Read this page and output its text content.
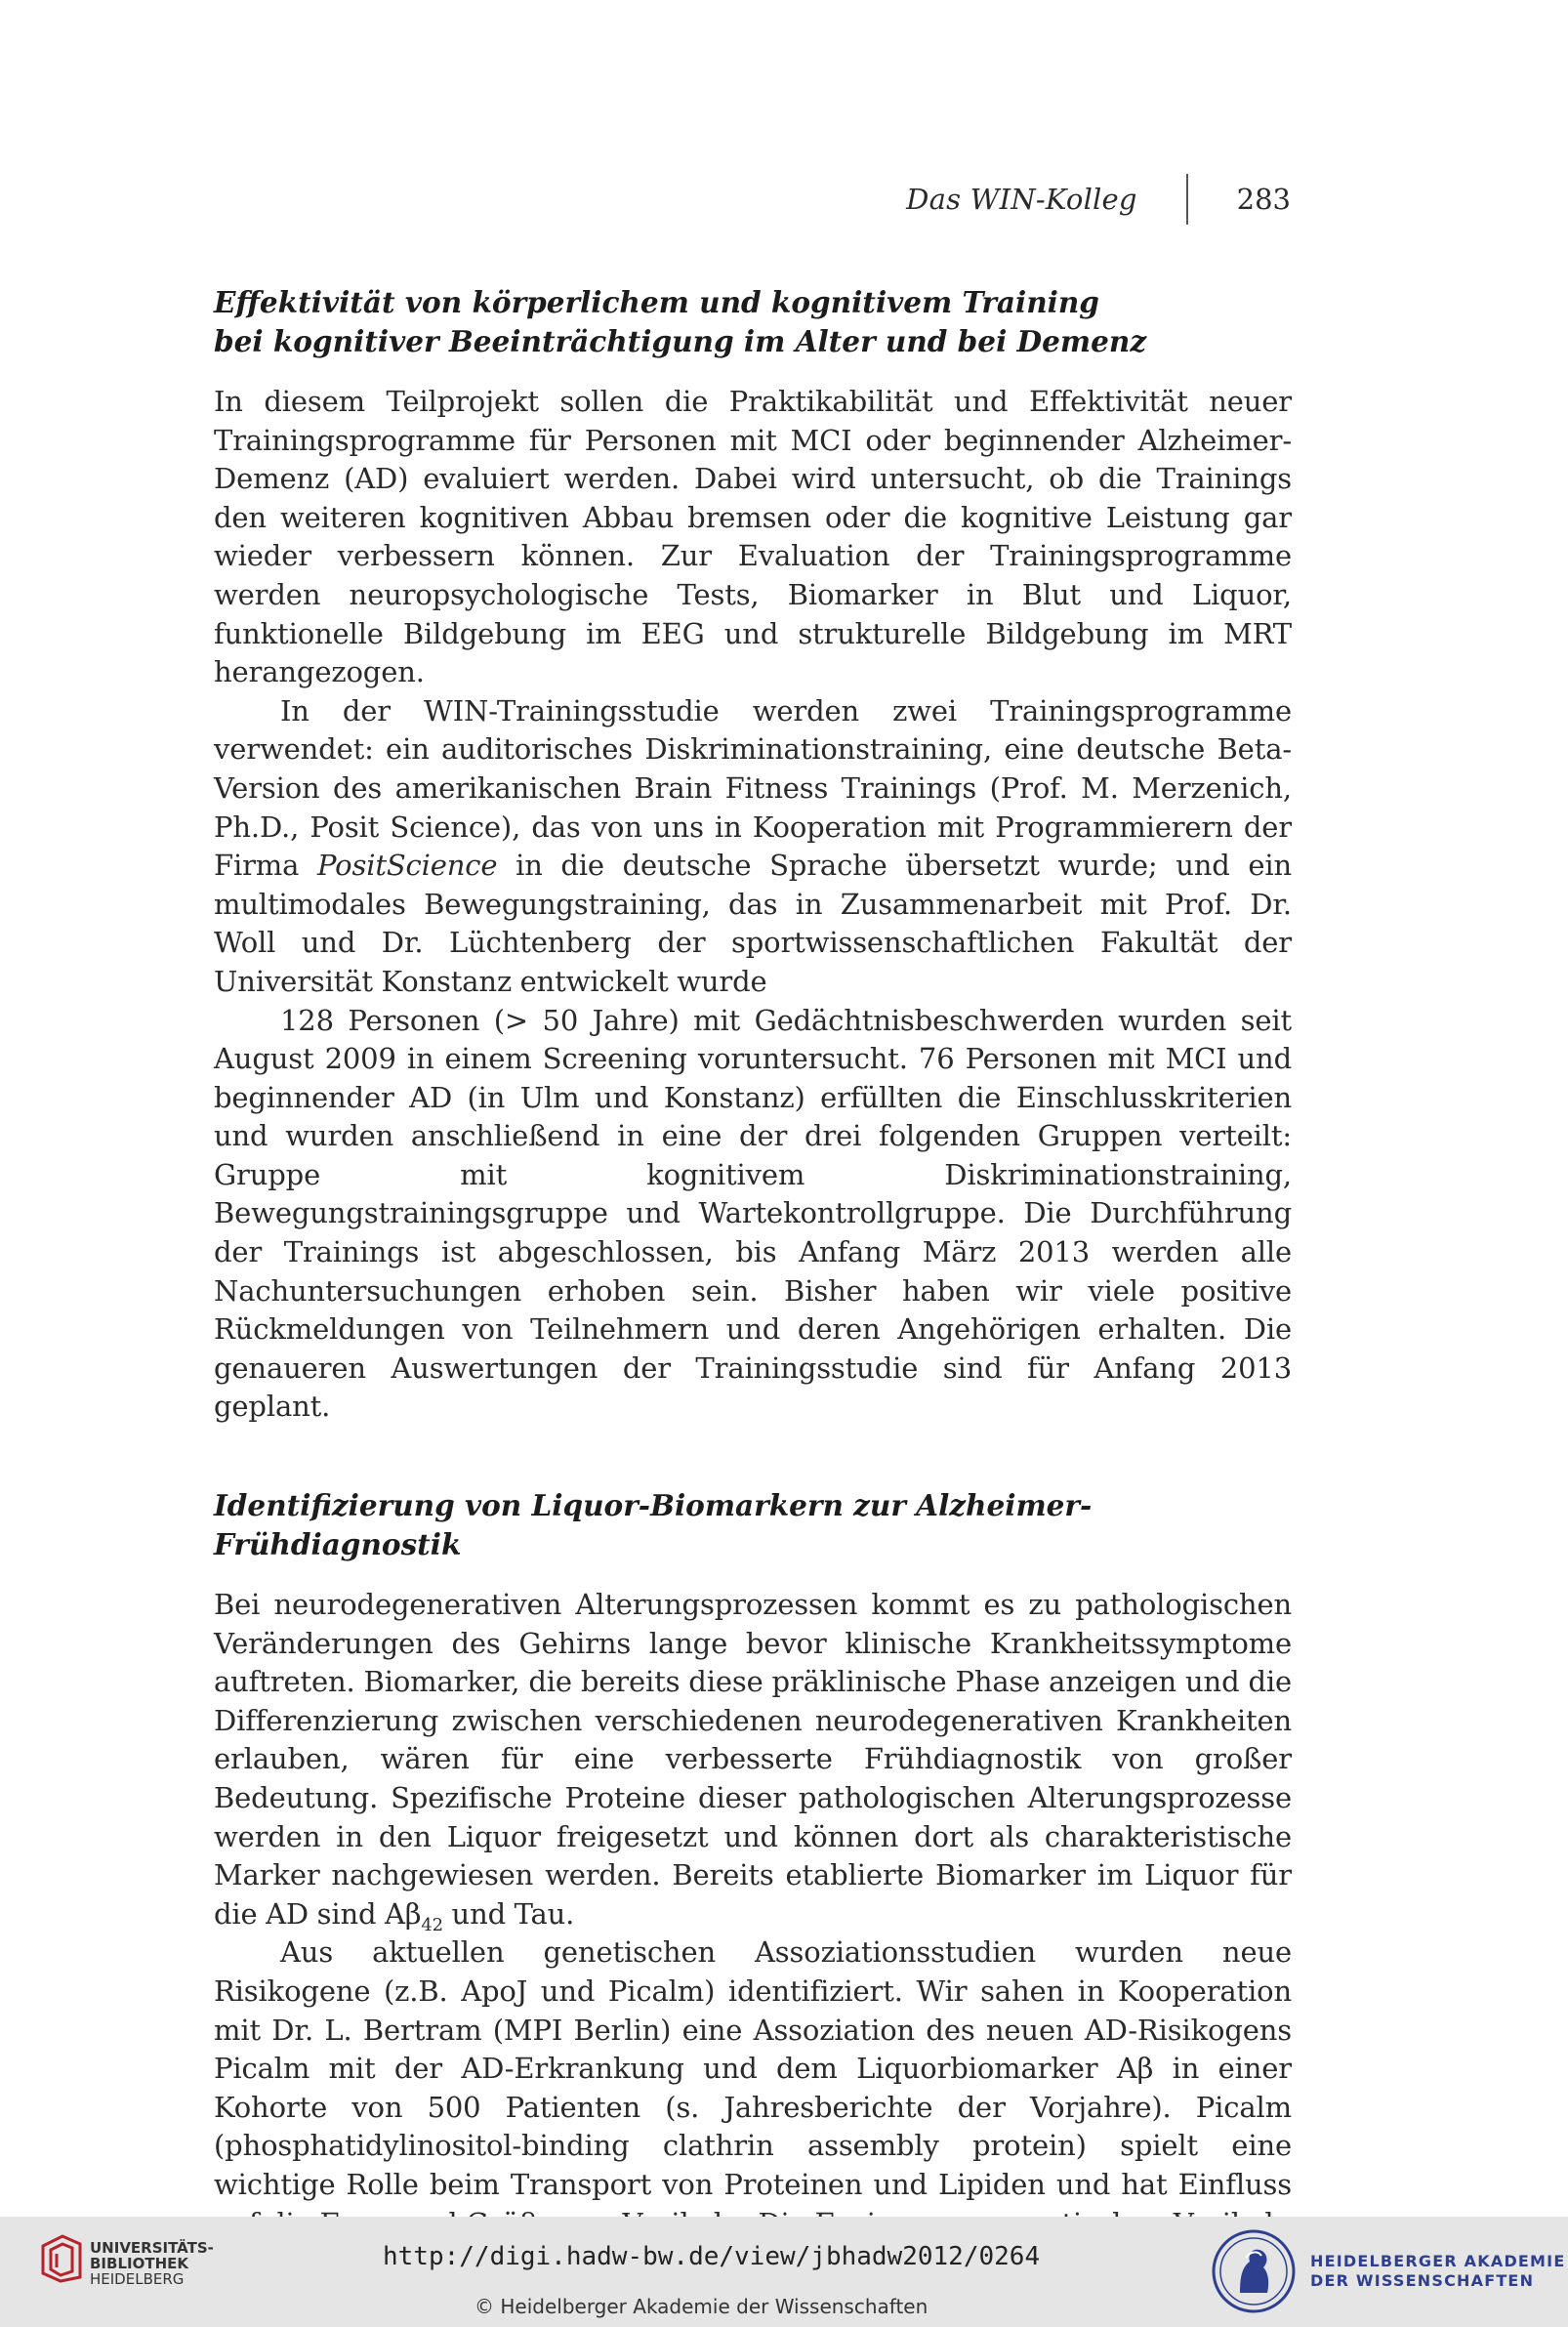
Das WIN-Kolleg	283
Effektivität von körperlichem und kognitivem Training
bei kognitiver Beeinträchtigung im Alter und bei Demenz

In diesem Teilprojekt sollen die Praktikabilität und Effektivität neuer Trainingsprogramme für Personen mit MCI oder beginnender Alzheimer-Demenz (AD) evaluiert werden. Dabei wird untersucht, ob die Trainings den weiteren kognitiven Abbau bremsen oder die kognitive Leistung gar wieder verbessern können. Zur Evaluation der Trainingsprogramme werden neuropsychologische Tests, Biomarker in Blut und Liquor, funktionelle Bildgebung im EEG und strukturelle Bildgebung im MRT herangezogen.

In der WIN-Trainingsstudie werden zwei Trainingsprogramme verwendet: ein auditorisches Diskriminationstraining, eine deutsche Beta-Version des amerikanischen Brain Fitness Trainings (Prof. M. Merzenich, Ph.D., Posit Science), das von uns in Kooperation mit Programmierern der Firma PositScience in die deutsche Sprache übersetzt wurde; und ein multimodales Bewegungstraining, das in Zusammenarbeit mit Prof. Dr. Woll und Dr. Lüchtenberg der sportwissenschaftlichen Fakultät der Universität Konstanz entwickelt wurde

128 Personen (> 50 Jahre) mit Gedächtnisbeschwerden wurden seit August 2009 in einem Screening voruntersucht. 76 Personen mit MCI und beginnender AD (in Ulm und Konstanz) erfüllten die Einschlusskriterien und wurden anschließend in eine der drei folgenden Gruppen verteilt: Gruppe mit kognitivem Diskriminationstraining, Bewegungstrainingsgruppe und Wartekontrollgruppe. Die Durchführung der Trainings ist abgeschlossen, bis Anfang März 2013 werden alle Nachuntersuchungen erhoben sein. Bisher haben wir viele positive Rückmeldungen von Teilnehmern und deren Angehörigen erhalten. Die genaueren Auswertungen der Trainingsstudie sind für Anfang 2013 geplant.

Identifizierung von Liquor-Biomarkern zur Alzheimer-Frühdiagnostik

Bei neurodegenerativen Alterungsprozessen kommt es zu pathologischen Veränderungen des Gehirns lange bevor klinische Krankheitssymptome auftreten. Biomarker, die bereits diese präklinische Phase anzeigen und die Differenzierung zwischen verschiedenen neurodegenerativen Krankheiten erlauben, wären für eine verbesserte Frühdiagnostik von großer Bedeutung. Spezifische Proteine dieser pathologischen Alterungsprozesse werden in den Liquor freigesetzt und können dort als charakteristische Marker nachgewiesen werden. Bereits etablierte Biomarker im Liquor für die AD sind $A\beta_{42}$ und Tau.

Aus aktuellen genetischen Assoziationsstudien wurden neue Risikogene (z.B. ApoJ und Picalm) identifiziert. Wir sahen in Kooperation mit Dr. L. Bertram (MPI Berlin) eine Assoziation des neuen AD-Risikogens Picalm mit der AD-Erkrankung und dem Liquorbiomarker Aβ in einer Kohorte von 500 Patienten (s. Jahresberichte der Vorjahre). Picalm (phosphatidylinositol-binding clathrin assembly protein) spielt eine wichtige Rolle beim Transport von Proteinen und Lipiden und hat Einfluss

UNIVERSITÄTS-
BIBLIOTHEK
HEIDELBERG
http://digi.hadw-bw.de/view/jbhadw2012/0264
© Heidelberger Akademie der Wissenschaften
HEIDELBERGER AKADEMIE
DER WISSENSCHAFTEN
